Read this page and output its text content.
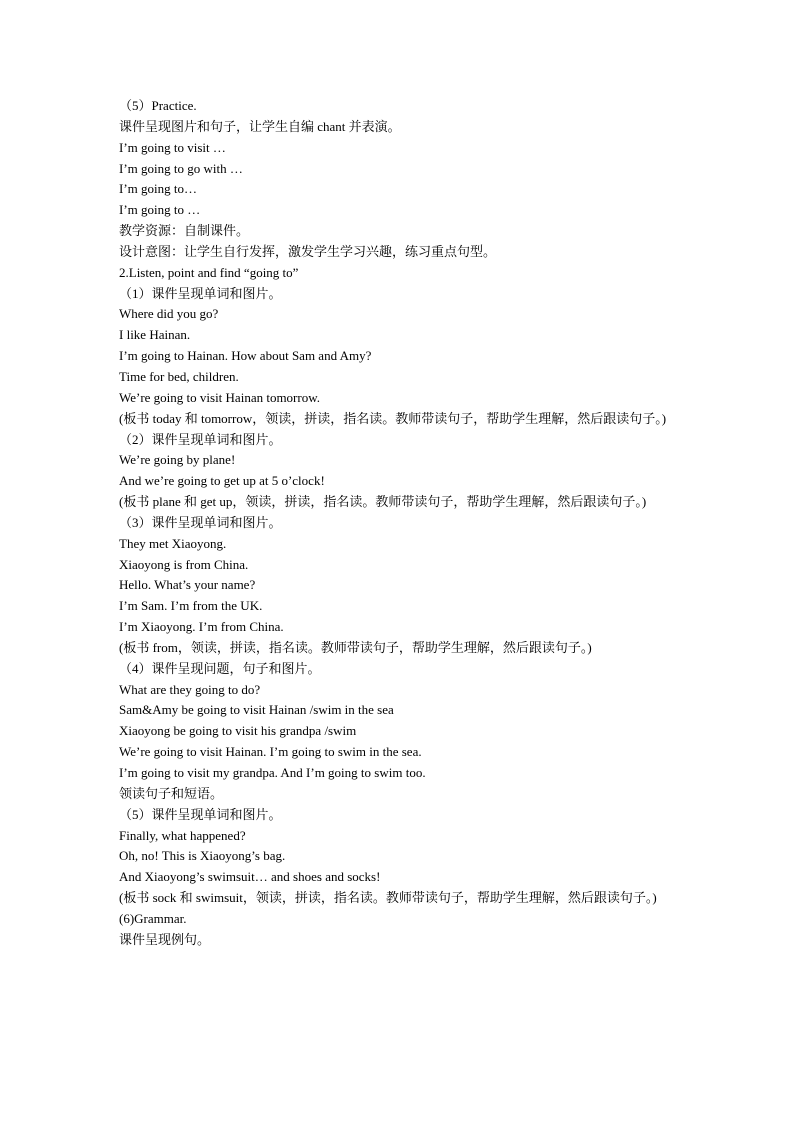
（5）Practice.
课件呈现图片和句子，让学生自编 chant 并表演。
I’m going to visit …
I’m going to go with …
I’m going to…
I’m going to …
教学资源：自制课件。
设计意图：让学生自行发挥，激发学生学习兴趣，练习重点句型。
2.Listen, point and find “going to”
（1）课件呈现单词和图片。
Where did you go?
I like Hainan.
I’m going to Hainan. How about Sam and Amy?
Time for bed, children.
We’re going to visit Hainan tomorrow.
(板书 today 和 tomorrow，领读，拼读，指名读。教师带读句子，帮助学生理解，然后跟读句子。)
（2）课件呈现单词和图片。
We’re going by plane!
And we’re going to get up at 5 o’clock!
(板书 plane 和 get up，领读，拼读，指名读。教师带读句子，帮助学生理解，然后跟读句子。)
（3）课件呈现单词和图片。
They met Xiaoyong.
Xiaoyong is from China.
Hello. What’s your name?
I’m Sam. I’m from the UK.
I’m Xiaoyong. I’m from China.
(板书 from，领读，拼读，指名读。教师带读句子，帮助学生理解，然后跟读句子。)
（4）课件呈现问题，句子和图片。
What are they going to do?
Sam&Amy be going to visit Hainan /swim in the sea
Xiaoyong be going to visit his grandpa /swim
We’re going to visit Hainan. I’m going to swim in the sea.
I’m going to visit my grandpa. And I’m going to swim too.
领读句子和短语。
（5）课件呈现单词和图片。
Finally, what happened?
Oh, no! This is Xiaoyong’s bag.
And Xiaoyong’s swimsuit… and shoes and socks!
(板书 sock 和 swimsuit，领读，拼读，指名读。教师带读句子，帮助学生理解，然后跟读句子。)
(6)Grammar.
课件呈现例句。
